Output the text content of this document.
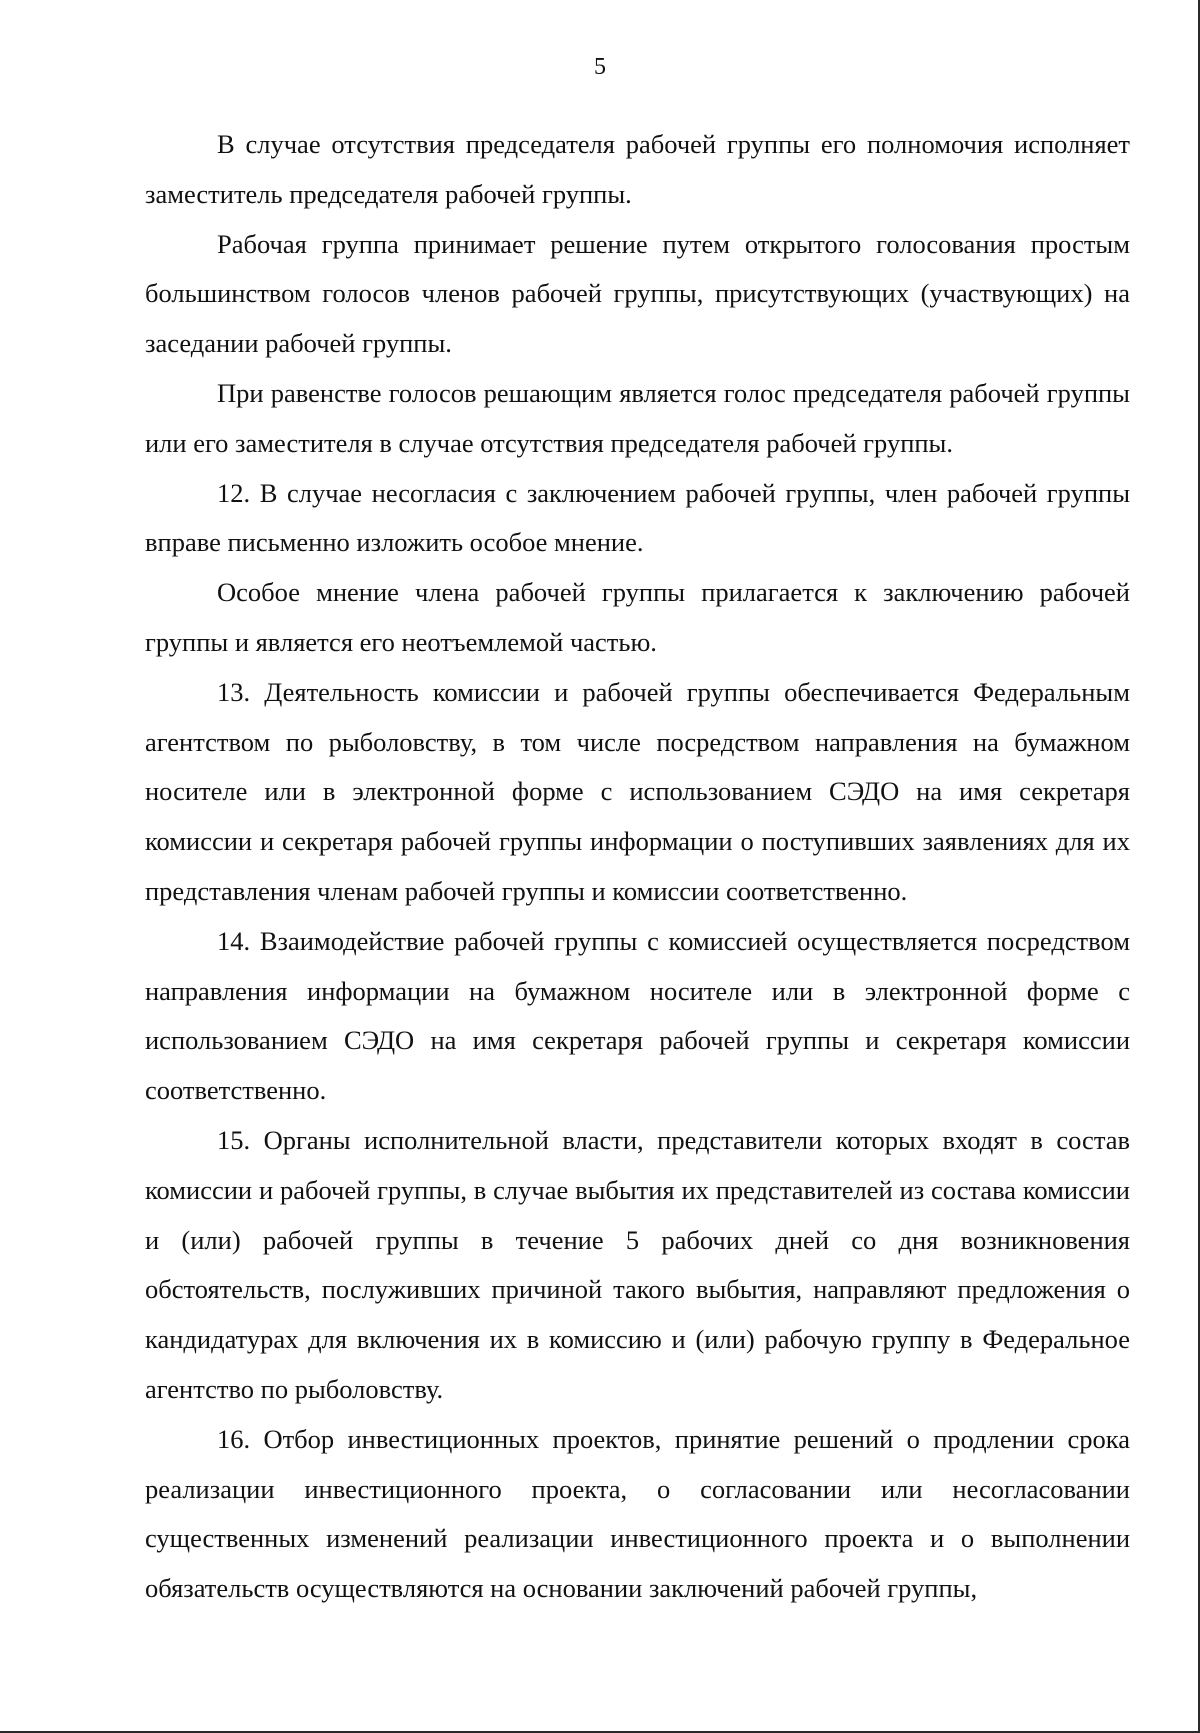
5

В случае отсутствия председателя рабочей группы его полномочия исполняет заместитель председателя рабочей группы.

Рабочая группа принимает решение путем открытого голосования простым большинством голосов членов рабочей группы, присутствующих (участвующих) на заседании рабочей группы.

При равенстве голосов решающим является голос председателя рабочей группы или его заместителя в случае отсутствия председателя рабочей группы.

12. В случае несогласия с заключением рабочей группы, член рабочей группы вправе письменно изложить особое мнение.

Особое мнение члена рабочей группы прилагается к заключению рабочей группы и является его неотъемлемой частью.

13. Деятельность комиссии и рабочей группы обеспечивается Федеральным агентством по рыболовству, в том числе посредством направления на бумажном носителе или в электронной форме с использованием СЭДО на имя секретаря комиссии и секретаря рабочей группы информации о поступивших заявлениях для их представления членам рабочей группы и комиссии соответственно.

14. Взаимодействие рабочей группы с комиссией осуществляется посредством направления информации на бумажном носителе или в электронной форме с использованием СЭДО на имя секретаря рабочей группы и секретаря комиссии соответственно.

15. Органы исполнительной власти, представители которых входят в состав комиссии и рабочей группы, в случае выбытия их представителей из состава комиссии и (или) рабочей группы в течение 5 рабочих дней со дня возникновения обстоятельств, послуживших причиной такого выбытия, направляют предложения о кандидатурах для включения их в комиссию и (или) рабочую группу в Федеральное агентство по рыболовству.

16. Отбор инвестиционных проектов, принятие решений о продлении срока реализации инвестиционного проекта, о согласовании или несогласовании существенных изменений реализации инвестиционного проекта и о выполнении обязательств осуществляются на основании заключений рабочей группы,
